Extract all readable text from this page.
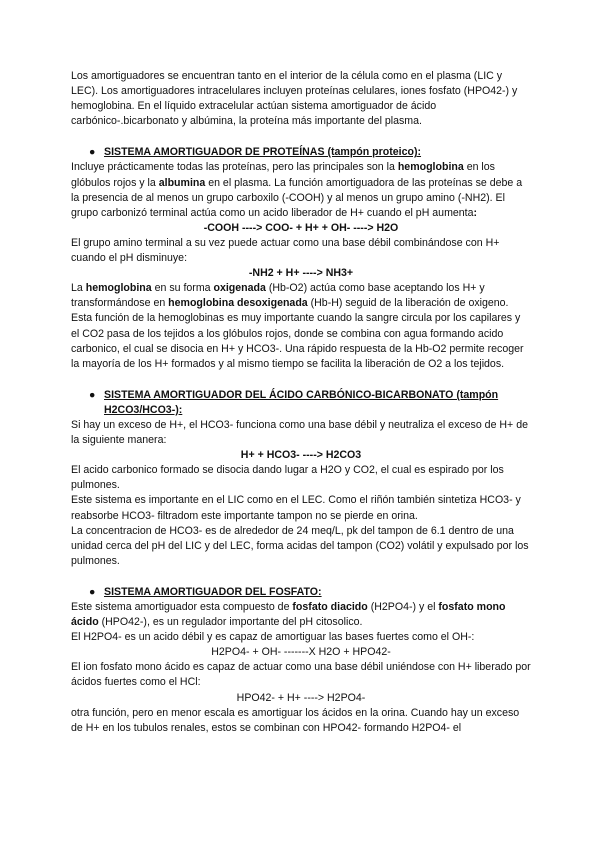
Los amortiguadores se encuentran tanto en el interior de la célula como en el plasma (LIC y LEC). Los amortiguadores intracelulares incluyen proteínas celulares, iones fosfato (HPO42-) y hemoglobina. En el líquido extracelular actúan sistema amortiguador de ácido carbónico-.bicarbonato y albúmina, la proteína más importante del plasma.

● SISTEMA AMORTIGUADOR DE PROTEÍNAS (tampón proteico):

Incluye prácticamente todas las proteínas, pero las principales son la hemoglobina en los glóbulos rojos y la albumina en el plasma. La función amortiguadora de las proteínas se debe a la presencia de al menos un grupo carboxilo (-COOH) y al menos un grupo amino (-NH2). El grupo carbonizó terminal actúa como un acido liberador de H+ cuando el pH aumenta:

-COOH ----> COO- + H+ + OH- ----> H2O

El grupo amino terminal a su vez puede actuar como una base débil combinándose con H+ cuando el pH disminuye:

-NH2 + H+ ----> NH3+

La hemoglobina en su forma oxigenada (Hb-O2) actúa como base aceptando los H+ y transformándose en hemoglobina desoxigenada (Hb-H) seguid de la liberación de oxigeno.

Esta función de la hemoglobinas es muy importante cuando la sangre circula por los capilares y el CO2 pasa de los tejidos a los glóbulos rojos, donde se combina con agua formando acido carbonico, el cual se disocia en H+ y HCO3-. Una rápido respuesta de la Hb-O2 permite recoger la mayoría de los H+ formados y al mismo tiempo se facilita la liberación de O2 a los tejidos.

● SISTEMA AMORTIGUADOR DEL ÁCIDO CARBÓNICO-BICARBONATO (tampón H2CO3/HCO3-):

Si hay un exceso de H+, el HCO3- funciona como una base débil y neutraliza el exceso de H+ de la siguiente manera:

H+ + HCO3- ----> H2CO3

El acido carbonico formado se disocia dando lugar a H2O y CO2, el cual es espirado por los pulmones.

Este sistema es importante en el LIC como en el LEC. Como el riñón también sintetiza HCO3- y reabsorbe HCO3- filtradom este importante tampon no se pierde en orina.

La concentracion de HCO3- es de alrededor de 24 meq/L, pk del tampon de 6.1 dentro de una unidad cerca del pH del LIC y del LEC, forma acidas del tampon (CO2) volátil y expulsado por los pulmones.

● SISTEMA AMORTIGUADOR DEL FOSFATO:

Este sistema amortiguador esta compuesto de fosfato diacido (H2PO4-) y el fosfato mono ácido (HPO42-), es un regulador importante del pH citosolico.

El H2PO4- es un acido débil y es capaz de amortiguar las bases fuertes como el OH-:

H2PO4- + OH- -------X H2O + HPO42-

El ion fosfato mono ácido es capaz de actuar como una base débil uniéndose con H+ liberado por ácidos fuertes como el HCl:

HPO42- + H+ ----> H2PO4-

otra función, pero en menor escala es amortiguar los ácidos en la orina. Cuando hay un exceso de H+ en los tubulos renales, estos se combinan con HPO42- formando H2PO4- el
